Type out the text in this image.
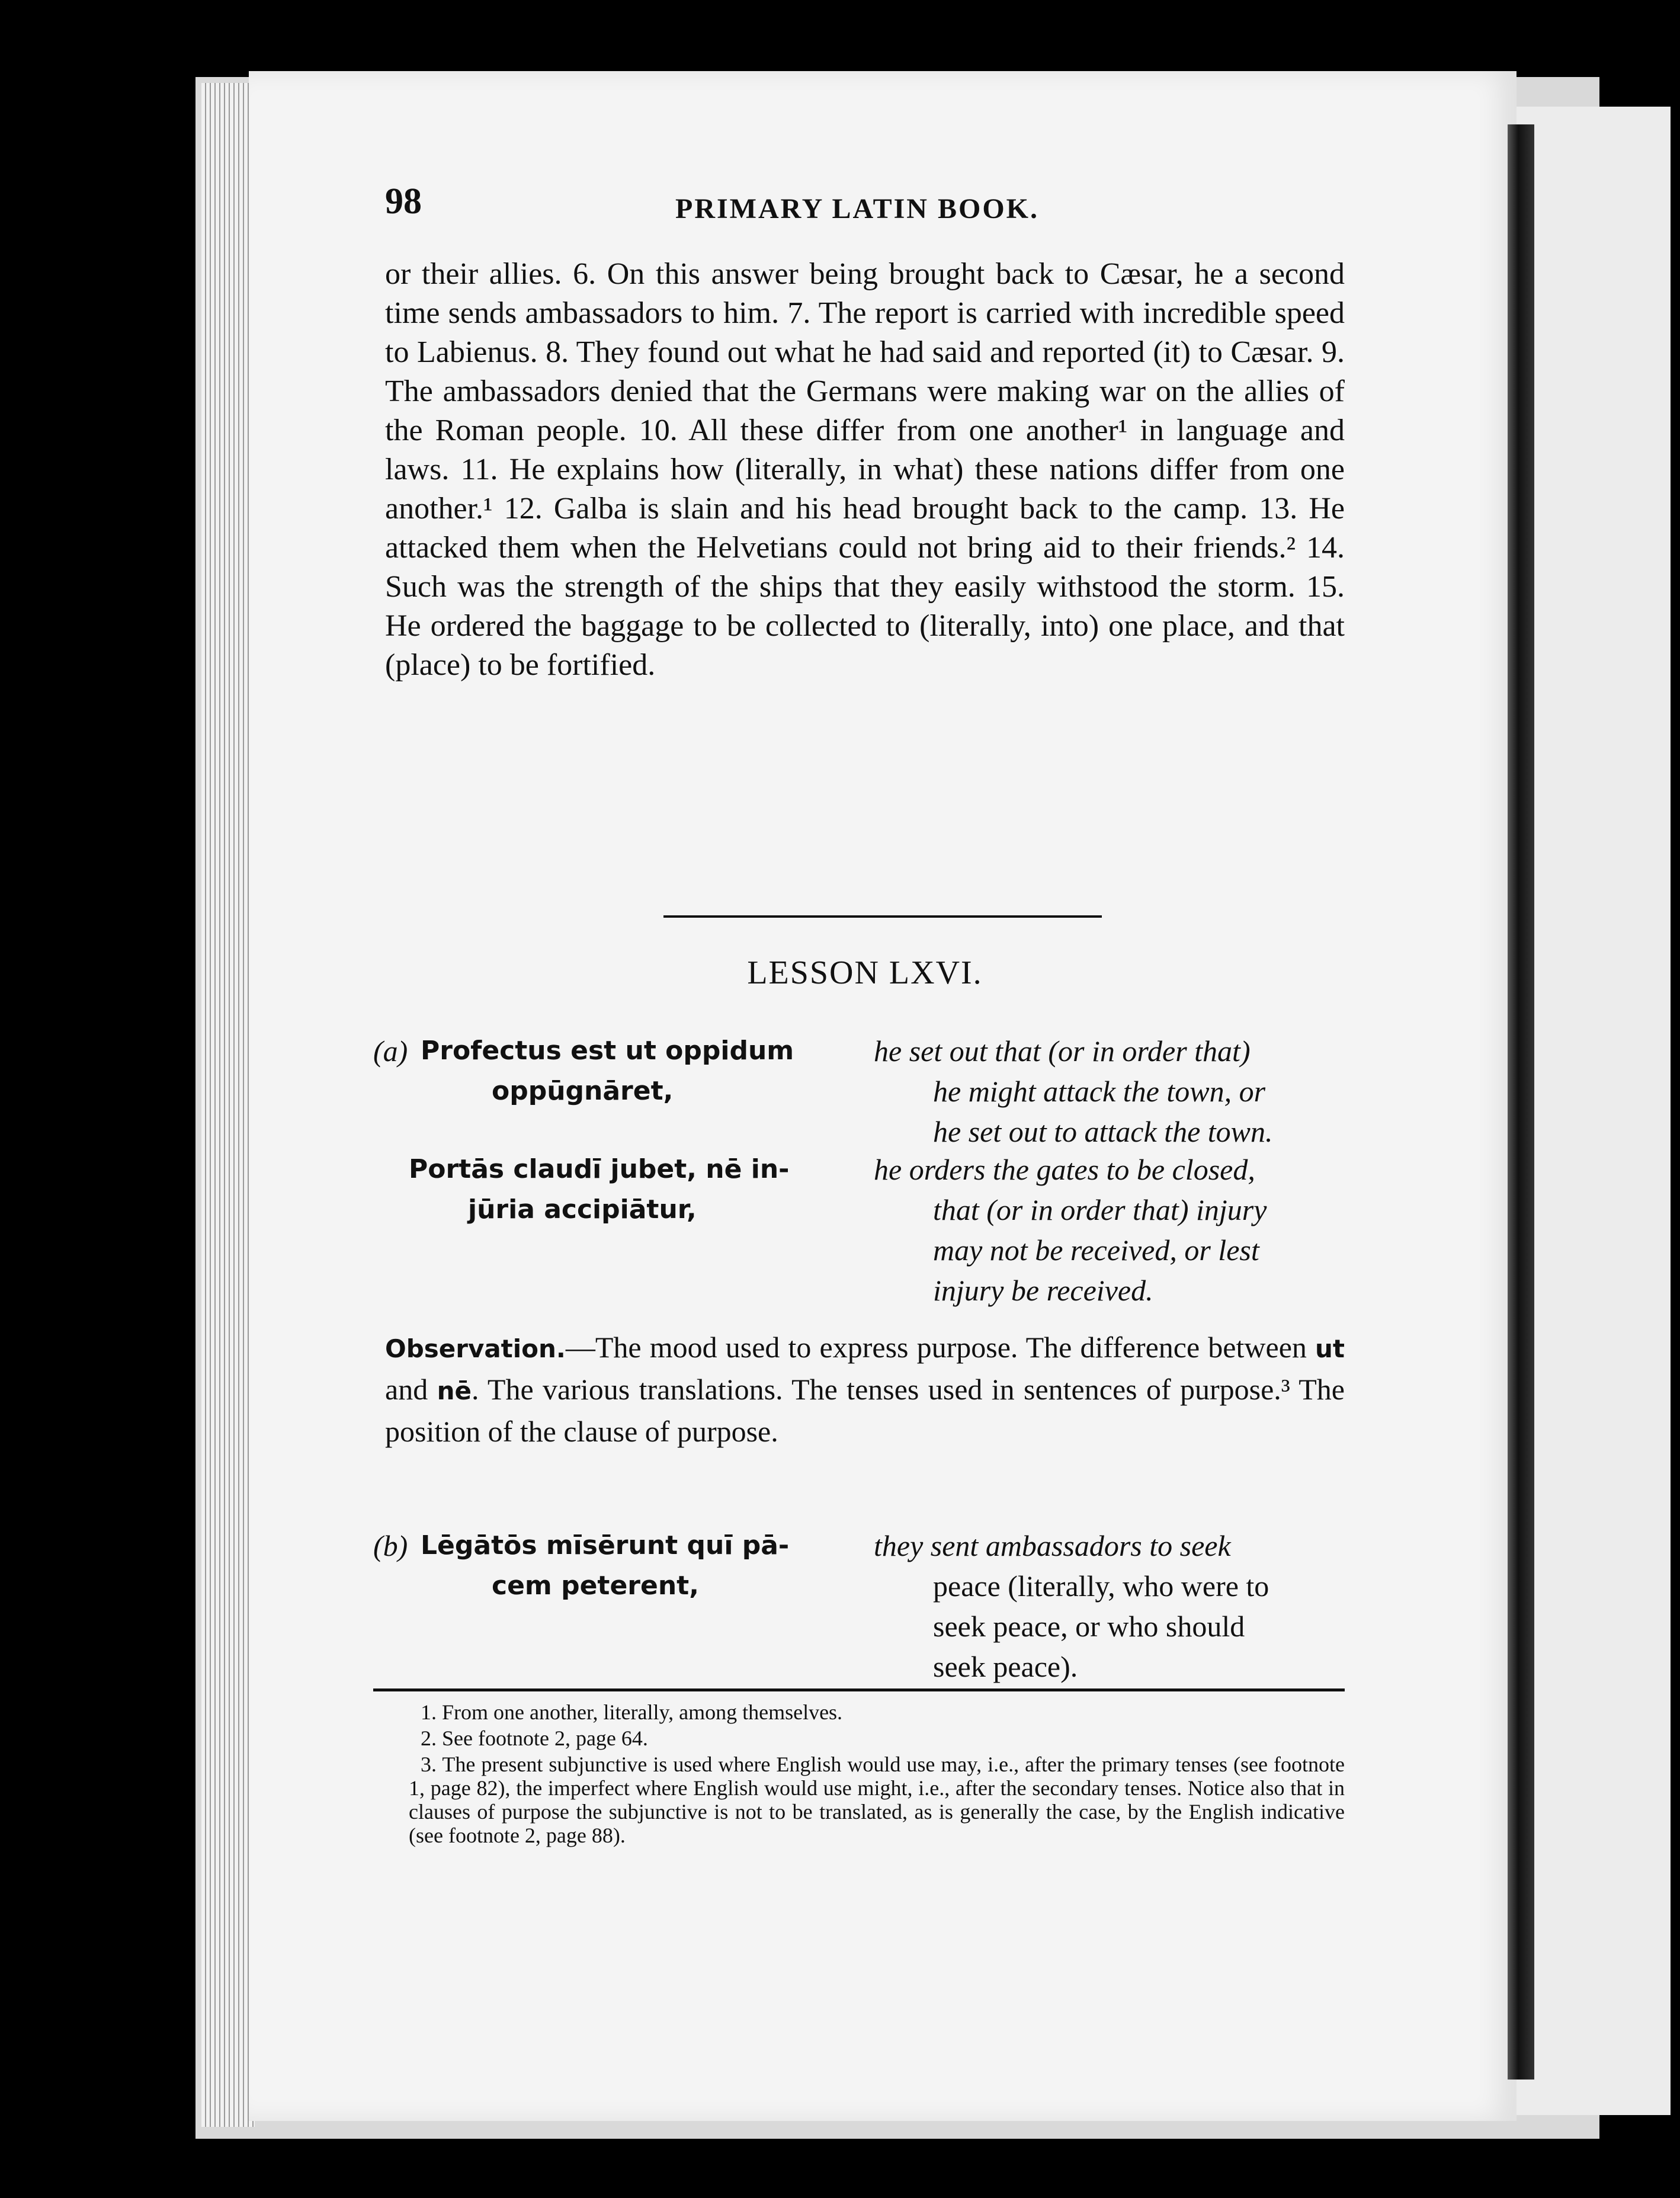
98	PRIMARY LATIN BOOK.

or their allies. 6. On this answer being brought back to Cæsar, he a second time sends ambassadors to him. 7. The report is carried with incredible speed to Labienus. 8. They found out what he had said and reported (it) to Cæsar. 9. The ambassadors denied that the Germans were making war on the allies of the Roman people. 10. All these differ from one another¹ in language and laws. 11. He explains how (literally, in what) these nations differ from one another.¹ 12. Galba is slain and his head brought back to the camp. 13. He attacked them when the Helvetians could not bring aid to their friends.² 14. Such was the strength of the ships that they easily withstood the storm. 15. He ordered the baggage to be collected to (literally, into) one place, and that (place) to be fortified.

LESSON LXVI.
(a) Profectus est ut oppidum
oppūgnāret,
he set out that (or in order that)
he might attack the town, or
he set out to attack the town.
Portās claudī jubet, nē in-
jūria accipiātur,
he orders the gates to be closed,
that (or in order that) injury
may not be received, or lest
injury be received.
Observation.—The mood used to express purpose. The difference between ut and nē. The various translations. The tenses used in sentences of purpose.³ The position of the clause of purpose.
(b) Lēgātōs mīsērunt quī pā-
cem peterent,
they sent ambassadors to seek
peace (literally, who were to
seek peace, or who should
seek peace).

1. From one another, literally, among themselves.

2. See footnote 2, page 64.

3. The present subjunctive is used where English would use may, i.e., after the primary tenses (see footnote 1, page 82), the imperfect where English would use might, i.e., after the secondary tenses. Notice also that in clauses of purpose the subjunctive is not to be translated, as is generally the case, by the English indicative (see footnote 2, page 88).
